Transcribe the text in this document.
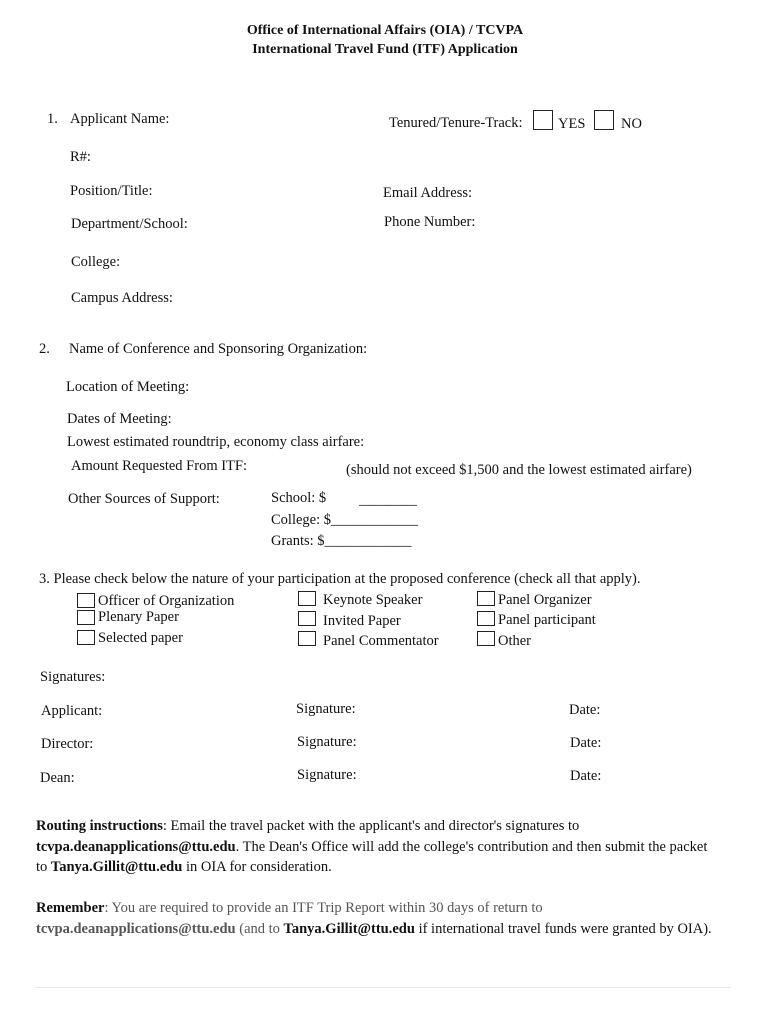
Office of International Affairs (OIA) / TCVPA
International Travel Fund (ITF) Application
1. Applicant Name:	Tenured/Tenure-Track: YES NO
R#:
Position/Title:	Email Address:
Department/School:	Phone Number:
College:
Campus Address:
2. Name of Conference and Sponsoring Organization:
Location of Meeting:
Dates of Meeting:
Lowest estimated roundtrip, economy class airfare:
Amount Requested From ITF:	(should not exceed $1,500 and the lowest estimated airfare)
Other Sources of Support:	School: $ ________
College: $____________
Grants: $____________
3. Please check below the nature of your participation at the proposed conference (check all that apply).
Officer of Organization
Plenary Paper
Selected paper
Keynote Speaker
Invited Paper
Panel Commentator
Panel Organizer
Panel participant
Other
Signatures:
Applicant:	Signature:	Date:
Director:	Signature:	Date:
Dean:	Signature:	Date:
Routing instructions: Email the travel packet with the applicant's and director's signatures to
tcvpa.deanapplications@ttu.edu. The Dean's Office will add the college's contribution and then submit the packet to Tanya.Gillit@ttu.edu in OIA for consideration.
Remember: You are required to provide an ITF Trip Report within 30 days of return to
tcvpa.deanapplications@ttu.edu (and to Tanya.Gillit@ttu.edu if international travel funds were granted by OIA).
